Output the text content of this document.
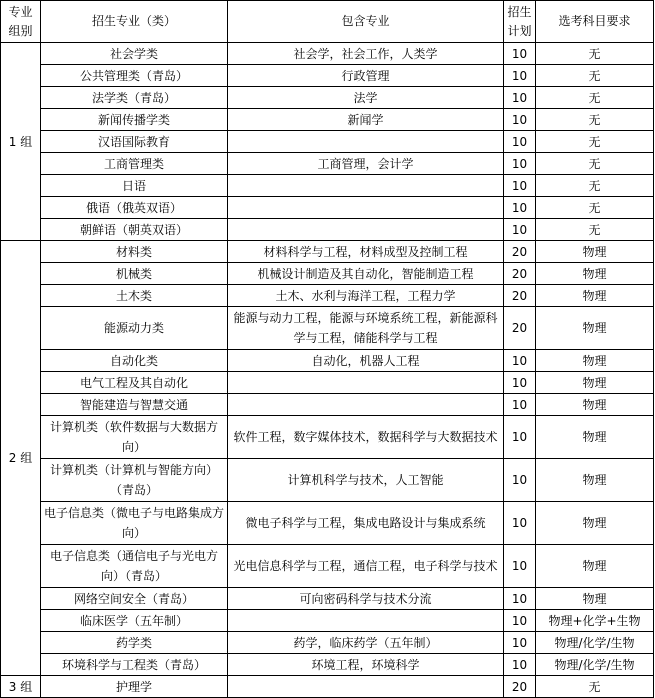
专业组别	招生专业（类）	包含专业	招生计划	选考科目要求
1 组	社会学类	社会学，社会工作，人类学	10	无
	公共管理类（青岛）	行政管理	10	无
	法学类（青岛）	法学	10	无
	新闻传播学类	新闻学	10	无
	汉语国际教育		10	无
	工商管理类	工商管理，会计学	10	无
	日语		10	无
	俄语（俄英双语）		10	无
	朝鲜语（朝英双语）		10	无
2 组	材料类	材料科学与工程，材料成型及控制工程	20	物理
	机械类	机械设计制造及其自动化，智能制造工程	20	物理
	土木类	土木、水利与海洋工程，工程力学	20	物理
	能源动力类	能源与动力工程，能源与环境系统工程，新能源科学与工程，储能科学与工程	20	物理
	自动化类	自动化，机器人工程	10	物理
	电气工程及其自动化		10	物理
	智能建造与智慧交通		10	物理
	计算机类（软件数据与大数据方向）	软件工程，数字媒体技术，数据科学与大数据技术	10	物理
	计算机类（计算机与智能方向）（青岛）	计算机科学与技术，人工智能	10	物理
	电子信息类（微电子与电路集成方向）	微电子科学与工程，集成电路设计与集成系统	10	物理
	电子信息类（通信电子与光电方向）（青岛）	光电信息科学与工程，通信工程，电子科学与技术	10	物理
	网络空间安全（青岛）	可向密码科学与技术分流	10	物理
	临床医学（五年制）		10	物理+化学+生物
	药学类	药学，临床药学（五年制）	10	物理/化学/生物
	环境科学与工程类（青岛）	环境工程，环境科学	10	物理/化学/生物
3 组	护理学		20	无
